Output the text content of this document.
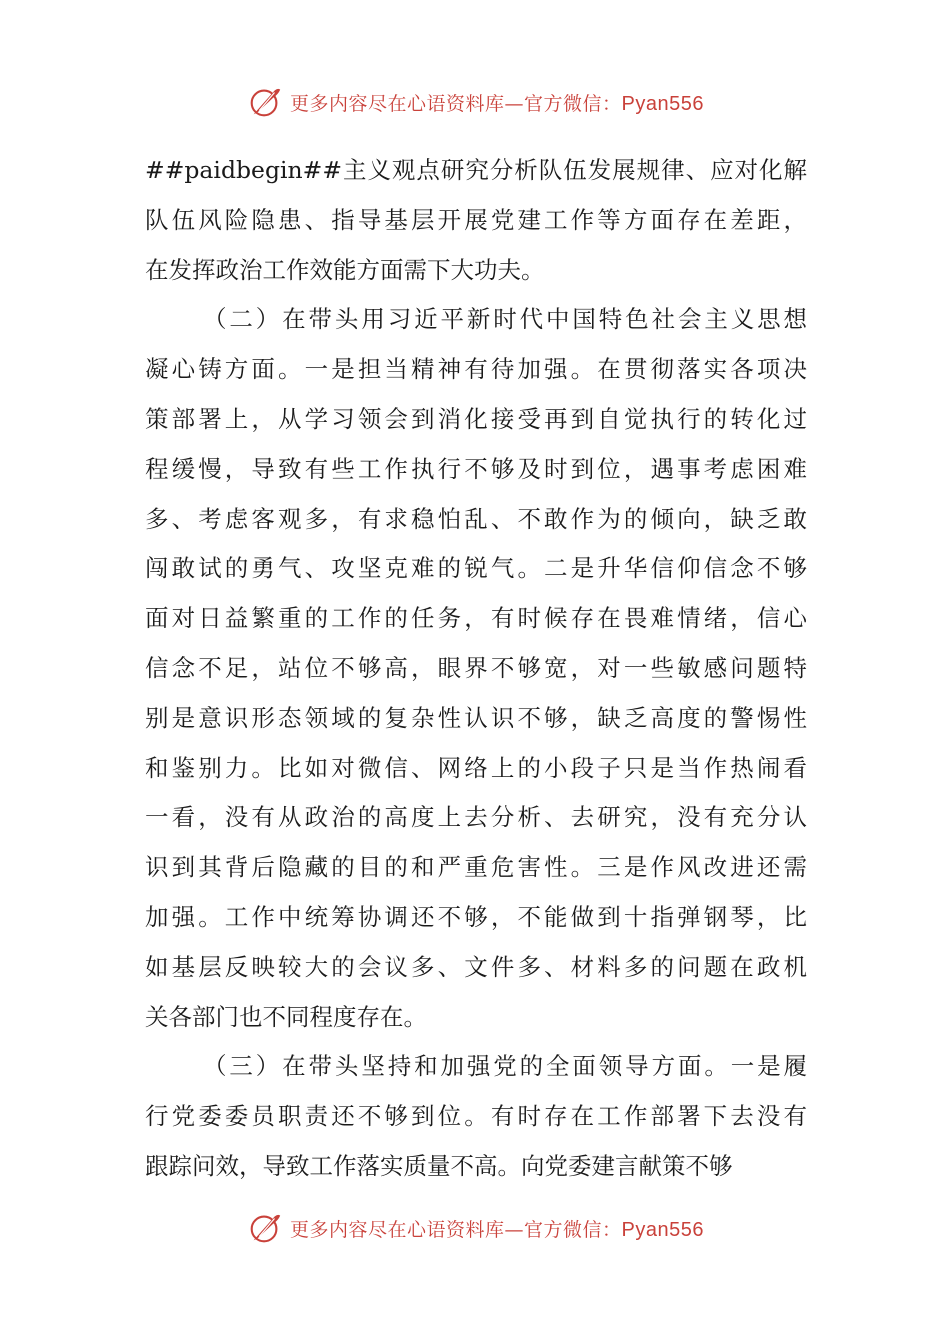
更多内容尽在心语资料库—官方微信：Pyan556
##paidbegin##主义观点研究分析队伍发展规律、应对化解
队伍风险隐患、指导基层开展党建工作等方面存在差距，
在发挥政治工作效能方面需下大功夫。
（二）在带头用习近平新时代中国特色社会主义思想
凝心铸方面。一是担当精神有待加强。在贯彻落实各项决
策部署上，从学习领会到消化接受再到自觉执行的转化过
程缓慢，导致有些工作执行不够及时到位，遇事考虑困难
多、考虑客观多，有求稳怕乱、不敢作为的倾向，缺乏敢
闯敢试的勇气、攻坚克难的锐气。二是升华信仰信念不够
面对日益繁重的工作的任务，有时候存在畏难情绪，信心
信念不足，站位不够高，眼界不够宽，对一些敏感问题特
别是意识形态领域的复杂性认识不够，缺乏高度的警惕性
和鉴别力。比如对微信、网络上的小段子只是当作热闹看
一看，没有从政治的高度上去分析、去研究，没有充分认
识到其背后隐藏的目的和严重危害性。三是作风改进还需
加强。工作中统筹协调还不够，不能做到十指弹钢琴，比
如基层反映较大的会议多、文件多、材料多的问题在政机
关各部门也不同程度存在。
（三）在带头坚持和加强党的全面领导方面。一是履
行党委委员职责还不够到位。有时存在工作部署下去没有
跟踪问效，导致工作落实质量不高。向党委建言献策不够
更多内容尽在心语资料库—官方微信：Pyan556
